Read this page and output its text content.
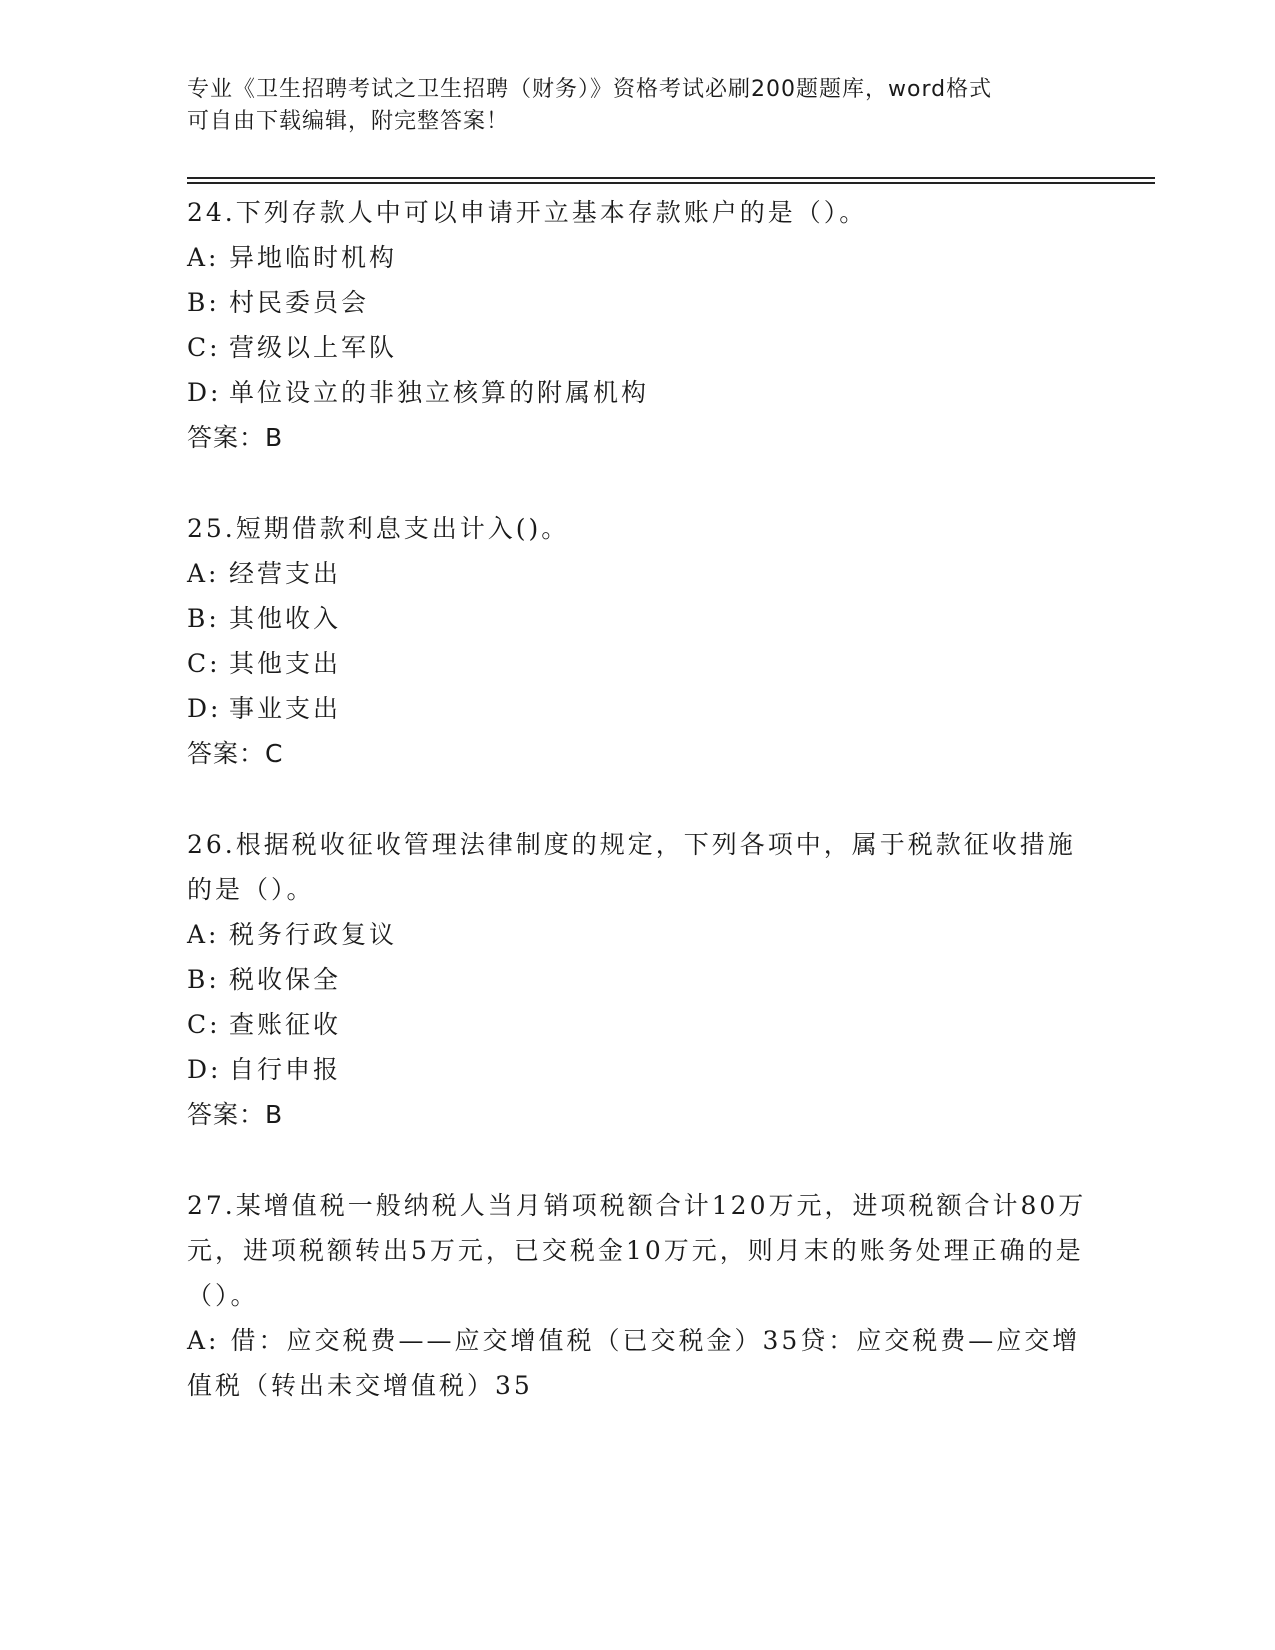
专业《卫生招聘考试之卫生招聘（财务）》资格考试必刷200题题库，word格式
可自由下载编辑，附完整答案！
24.下列存款人中可以申请开立基本存款账户的是（）。
A: 异地临时机构
B: 村民委员会
C: 营级以上军队
D: 单位设立的非独立核算的附属机构
答案：B
25.短期借款利息支出计入()。
A: 经营支出
B: 其他收入
C: 其他支出
D: 事业支出
答案：C
26.根据税收征收管理法律制度的规定，下列各项中，属于税款征收措施的是（）。
A: 税务行政复议
B: 税收保全
C: 查账征收
D: 自行申报
答案：B
27.某增值税一般纳税人当月销项税额合计120万元，进项税额合计80万元，进项税额转出5万元，已交税金10万元，则月末的账务处理正确的是（）。
A: 借：应交税费——应交增值税（已交税金）35贷：应交税费—应交增值税（转出未交增值税）35
